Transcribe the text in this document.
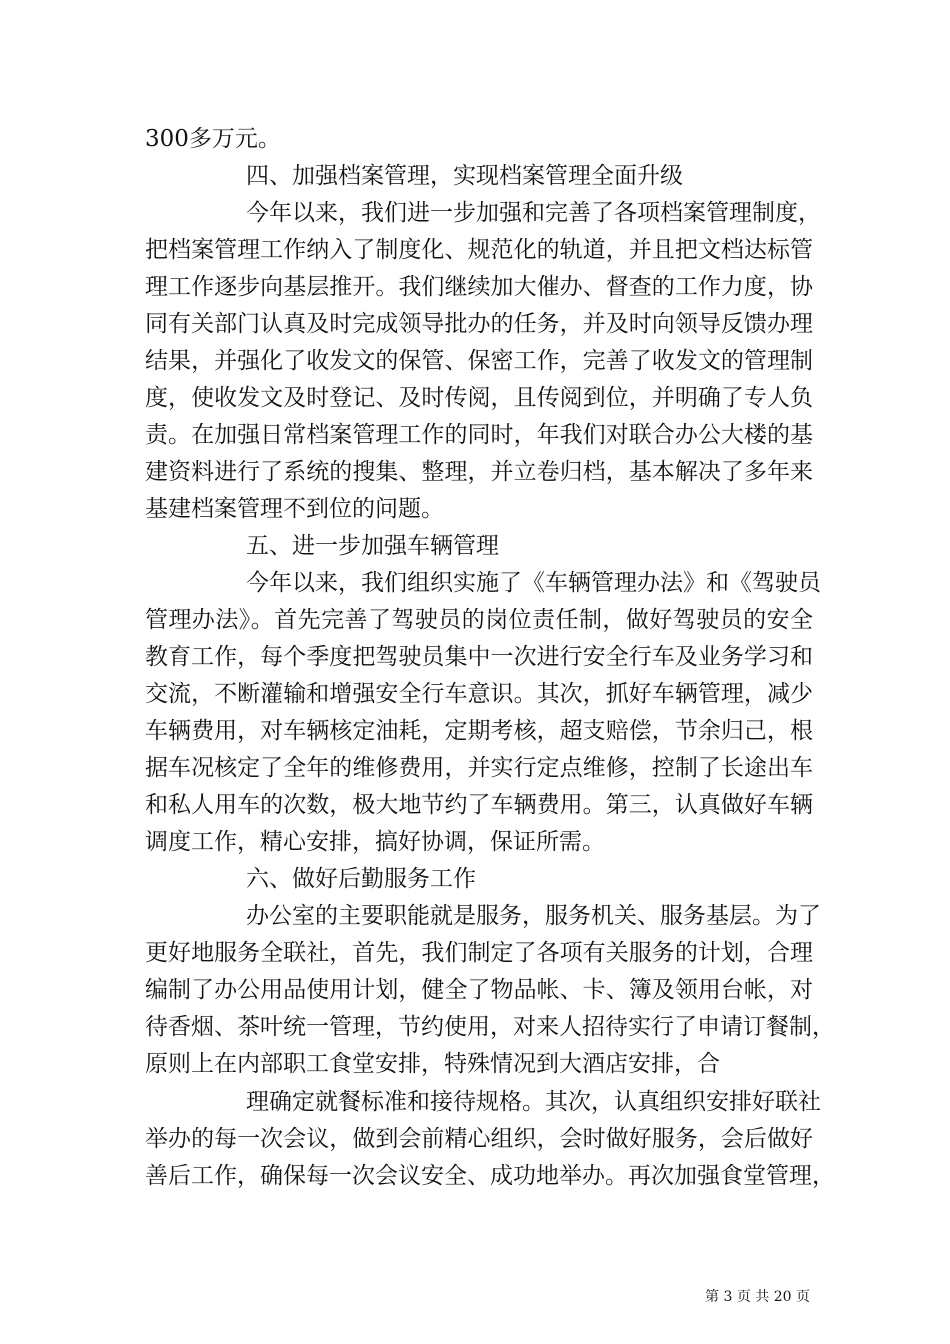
300多万元。
四、加强档案管理，实现档案管理全面升级
今年以来，我们进一步加强和完善了各项档案管理制度，
把档案管理工作纳入了制度化、规范化的轨道，并且把文档达标管
理工作逐步向基层推开。我们继续加大催办、督查的工作力度，协
同有关部门认真及时完成领导批办的任务，并及时向领导反馈办理
结果，并强化了收发文的保管、保密工作，完善了收发文的管理制
度，使收发文及时登记、及时传阅，且传阅到位，并明确了专人负
责。在加强日常档案管理工作的同时，年我们对联合办公大楼的基
建资料进行了系统的搜集、整理，并立卷归档，基本解决了多年来
基建档案管理不到位的问题。
五、进一步加强车辆管理
今年以来，我们组织实施了《车辆管理办法》和《驾驶员
管理办法》。首先完善了驾驶员的岗位责任制，做好驾驶员的安全
教育工作，每个季度把驾驶员集中一次进行安全行车及业务学习和
交流，不断灌输和增强安全行车意识。其次，抓好车辆管理，减少
车辆费用，对车辆核定油耗，定期考核，超支赔偿，节余归己，根
据车况核定了全年的维修费用，并实行定点维修，控制了长途出车
和私人用车的次数，极大地节约了车辆费用。第三，认真做好车辆
调度工作，精心安排，搞好协调，保证所需。
六、做好后勤服务工作
办公室的主要职能就是服务，服务机关、服务基层。为了
更好地服务全联社，首先，我们制定了各项有关服务的计划，合理
编制了办公用品使用计划，健全了物品帐、卡、簿及领用台帐，对
待香烟、茶叶统一管理，节约使用，对来人招待实行了申请订餐制，
原则上在内部职工食堂安排，特殊情况到大酒店安排，合
理确定就餐标准和接待规格。其次，认真组织安排好联社
举办的每一次会议，做到会前精心组织，会时做好服务，会后做好
善后工作，确保每一次会议安全、成功地举办。再次加强食堂管理，
第 3 页 共 20 页
